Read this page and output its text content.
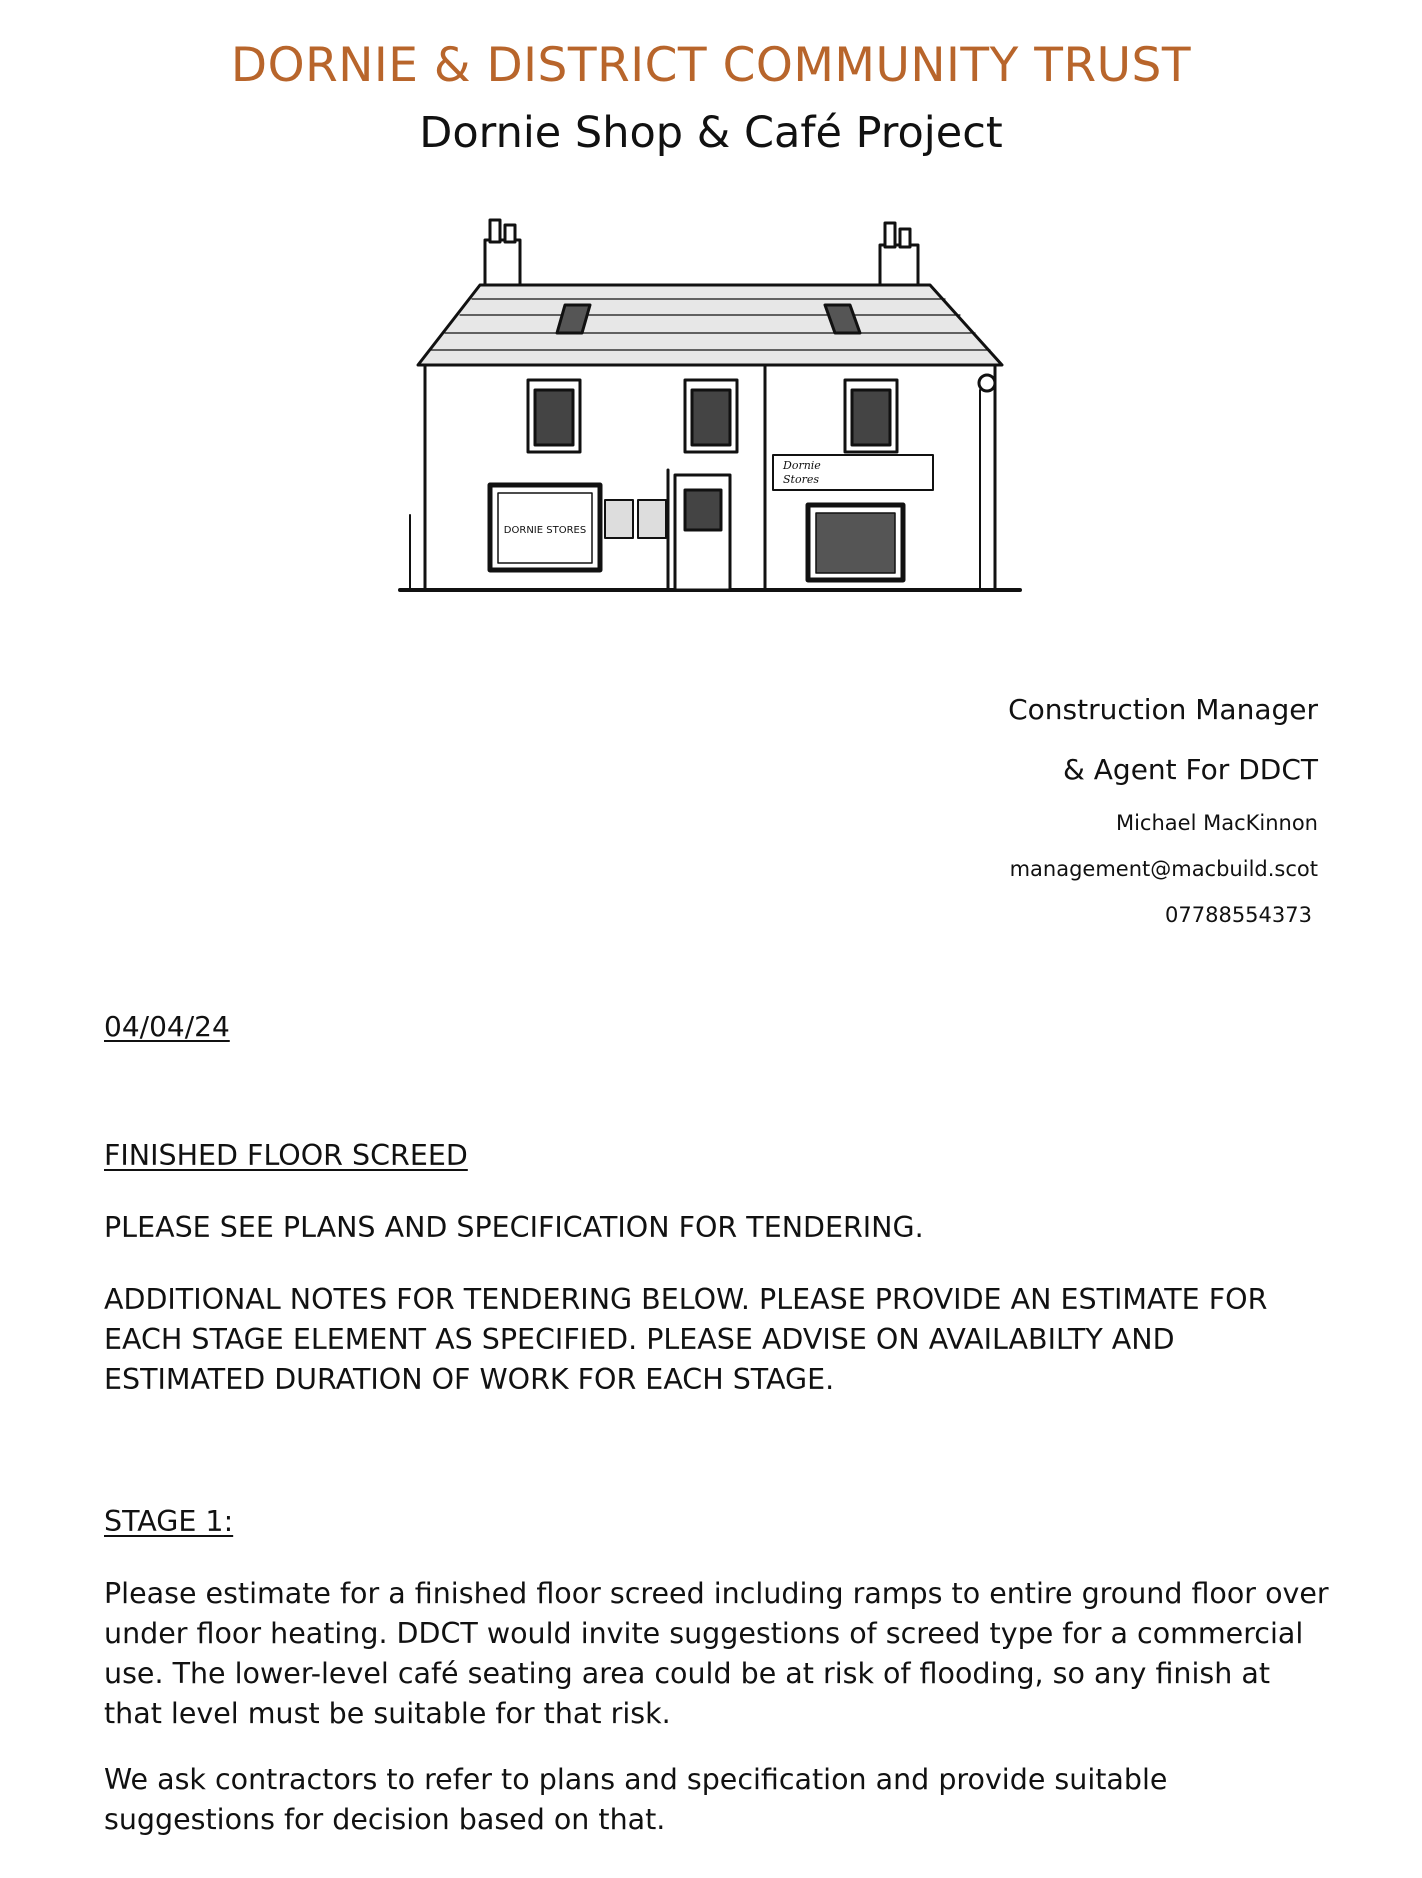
DORNIE & DISTRICT COMMUNITY TRUST
Dornie Shop & Café Project
DORNIE STORES
Dornie
Stores
Construction Manager
& Agent For DDCT
Michael MacKinnon
management@macbuild.scot
07788554373
04/04/24

FINISHED FLOOR SCREED

PLEASE SEE PLANS AND SPECIFICATION FOR TENDERING.

ADDITIONAL NOTES FOR TENDERING BELOW. PLEASE PROVIDE AN ESTIMATE FOR EACH STAGE ELEMENT AS SPECIFIED. PLEASE ADVISE ON AVAILABILTY AND ESTIMATED DURATION OF WORK FOR EACH STAGE.

STAGE 1:

Please estimate for a finished floor screed including ramps to entire ground floor over under floor heating. DDCT would invite suggestions of screed type for a commercial use. The lower-level café seating area could be at risk of flooding, so any finish at that level must be suitable for that risk.

We ask contractors to refer to plans and specification and provide suitable suggestions for decision based on that.
